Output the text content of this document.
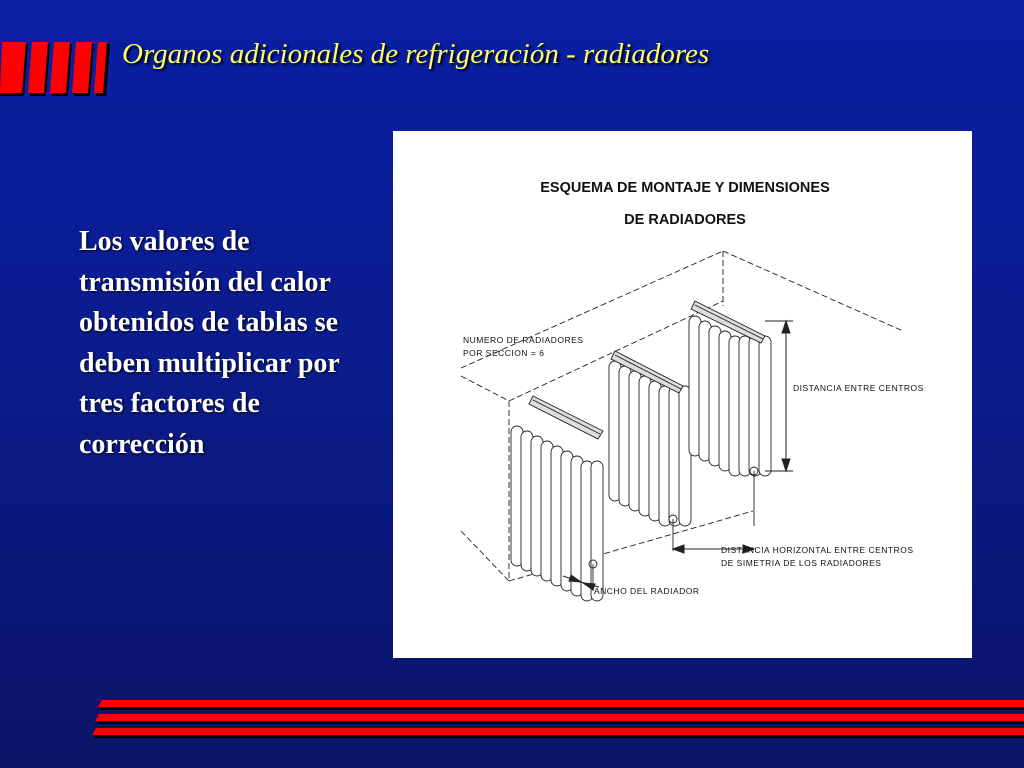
Organos adicionales de refrigeración - radiadores

Los valores de transmisión del calor obtenidos de tablas se deben multiplicar por tres factores de corrección

ESQUEMA DE MONTAJE Y DIMENSIONES
DE RADIADORES
NUMERO DE RADIADORES
POR SECCION = 6
DISTANCIA ENTRE CENTROS
DISTANCIA HORIZONTAL ENTRE CENTROS
DE SIMETRIA DE LOS RADIADORES
ANCHO DEL RADIADOR
